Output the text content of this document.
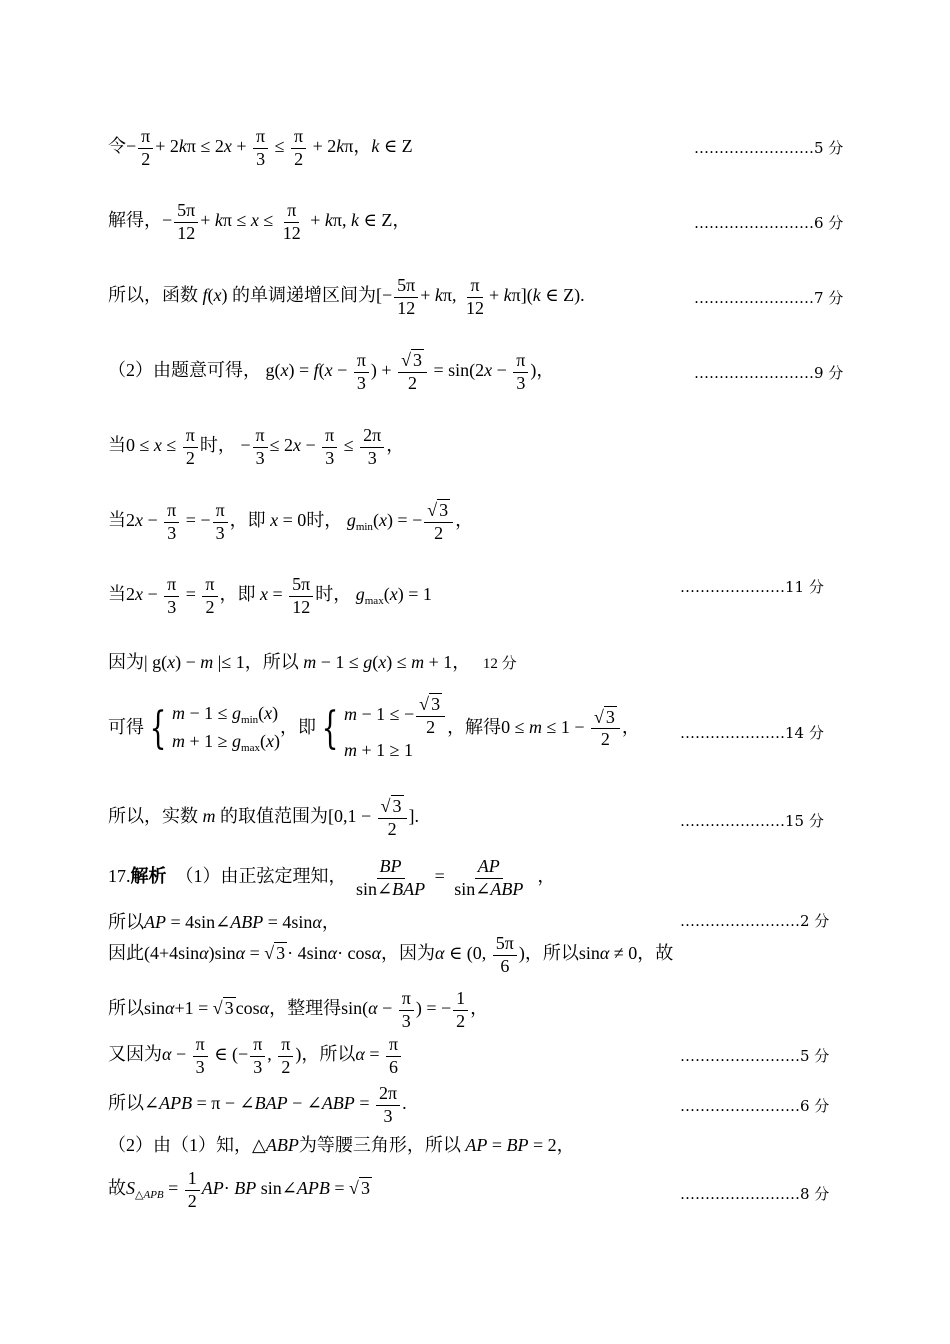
令− $\frac{\pi}{2} + 2k\pi \le 2x + \frac{\pi}{3} \le \frac{\pi}{2} + 2k\pi$，k ∈ Z	……………………5 分
解得，− $\frac{5\pi}{12} + k\pi \le x \le \frac{\pi}{12} + k\pi$, k ∈ Z，	……………………6 分
所以，函数 f(x) 的单调递增区间为[− $\frac{5\pi}{12} + k\pi$, $\frac{\pi}{12} + k\pi](k$ ∈ Z).	……………………7 分
（2）由题意可得， $g(x) = f(x - \frac{\pi}{3}$ ) + $\frac{√ 3}{2} = \sin(2x - \frac{\pi}{3}$ )，	……………………9 分
当$0 \le x \le \frac{\pi}{2}$ 时， − $\frac{\pi}{3} \le 2x - \frac{\pi}{3} \le \frac{2\pi}{3}$ ，
当$2x - \frac{\pi}{3}$ = − $\frac{\pi}{3}$ ，即 x = 0时， $g_{min}(x)$ = − $\frac{√ 3}{2}$ ，
当$2x - \frac{\pi}{3} = \frac{\pi}{2}$ ，即 $x = \frac{5\pi}{12}$ 时， $g_{max}(x) = 1$	…………………11 分
因为| g(x) − m |≤ 1，所以 m − 1 ≤ g(x) ≤ m + 1， 12 分
可得 { $m - 1 \le g_{min}(x)$
$m + 1 \ge g_{max}(x)$
，即 { m − 1 ≤ − $\frac{√ 3}{2}$
m + 1 ≥ 1
，解得$0 \le m \le 1 - \frac{√ 3}{2}$ ，	…………………14 分
所以，实数 m 的取值范围为[$0,1 - \frac{√ 3}{2}$ ].	…………………15 分
17.解析 （1）由正弦定理知， $\frac{BP}{\text{sin∠BAP}} = \frac{AP}{\text{sin∠ABP}}$ ，
所以AP = 4sin∠ABP = 4sinα，	……………………2 分
因此(4+4sinα)sinα = √ 3 · 4sinα· cosα，因为α ∈ (0, $\frac{5\pi}{6}$ )，所以sinα ≠ 0，故
所以sinα+1 = √ 3 cosα，整理得$\sin(\alpha - \frac{\pi}{3}$ ) = − $\frac{1}{2}$ ，
又因为$\alpha - \frac{\pi}{3}$ ∈ (− $\frac{\pi}{3}$ , $\frac{\pi}{2}$ )，所以$\alpha = \frac{\pi}{6}$	……………………5 分
所以∠APB = π − ∠BAP − ∠ABP = $\frac{2\pi}{3}$ .	……………………6 分
（2）由（1）知，△ABP为等腰三角形，所以 AP = BP = 2，
故$S_{\triangle APB} = \frac{1}{2} AP\cdot$ BP sin∠APB = √ 3	……………………8 分
